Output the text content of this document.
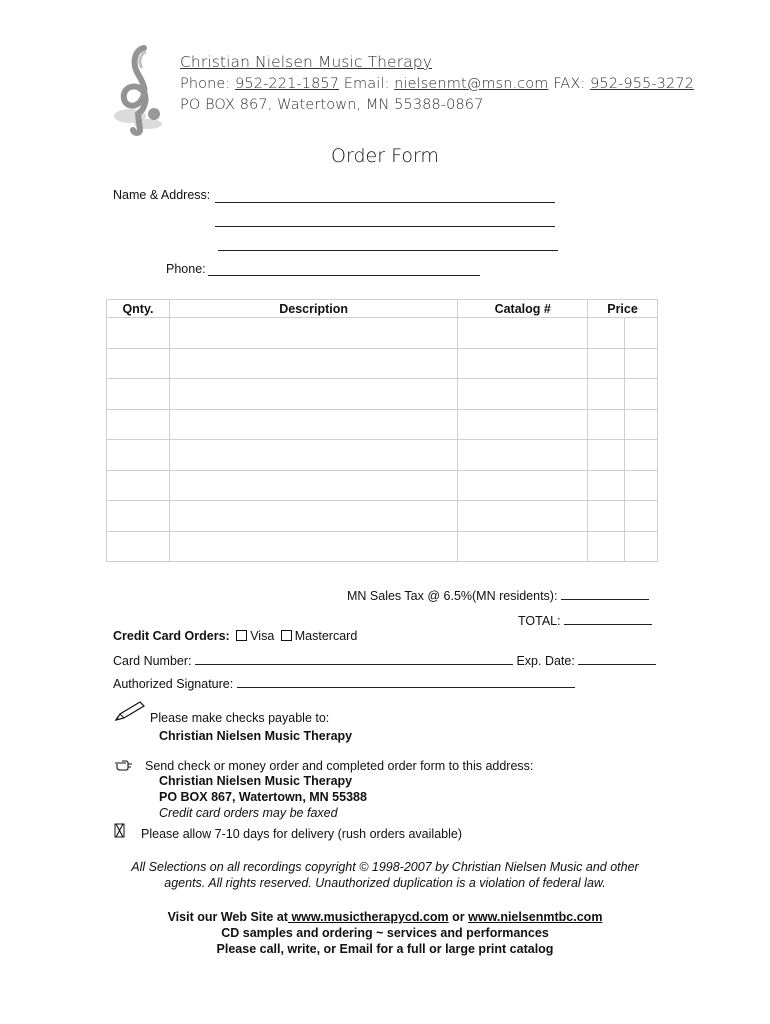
Christian Nielsen Music Therapy
Phone: 952-221-1857 Email: nielsenmt@msn.com FAX: 952-955-3272
PO BOX 867, Watertown, MN 55388-0867
Order Form
Name & Address:
Phone:
Qnty.	Description	Catalog #	Price

MN Sales Tax @ 6.5%(MN residents):
TOTAL:
Credit Card Orders: Visa Mastercard
Card Number:	Exp. Date:
Authorized Signature:
Please make checks payable to:
Christian Nielsen Music Therapy
Send check or money order and completed order form to this address:
Christian Nielsen Music Therapy
PO BOX 867, Watertown, MN 55388
Credit card orders may be faxed
Please allow 7-10 days for delivery (rush orders available)
All Selections on all recordings copyright © 1998-2007 by Christian Nielsen Music and other
agents. All rights reserved. Unauthorized duplication is a violation of federal law.
Visit our Web Site at www.musictherapycd.com or www.nielsenmtbc.com
CD samples and ordering ~ services and performances
Please call, write, or Email for a full or large print catalog
